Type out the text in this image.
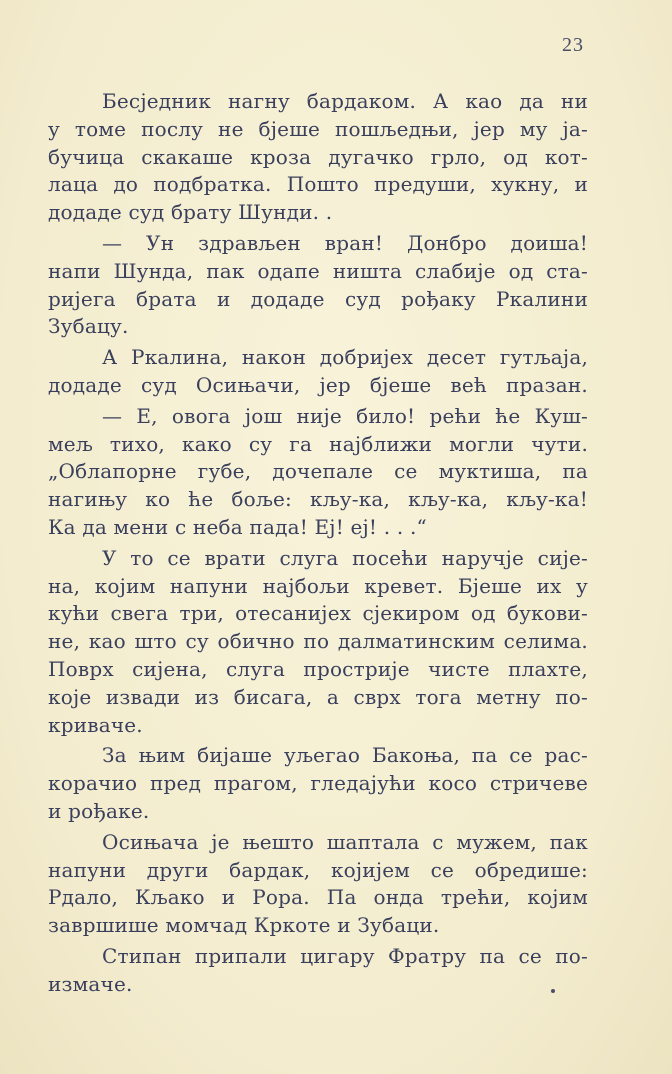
23
Бесједник нагну бардаком. А као да ни
у томе послу не бјеше пошљедњи, јер му ја-
бучица скакаше кроза дугачко грло, од кот-
лаца до подбратка. Пошто предуши, хукну, и
додаде суд брату Шунди. .
— Ун здрављен вран! Донбро доиша!
напи Шунда, пак одапе ништа слабије од ста-
ријега брата и додаде суд рођаку Ркалини
Зубацу.
А Ркалина, након добријех десет гутљаја,
додаде суд Осињачи, јер бјеше већ празан.
— Е, овога још није било! рећи ће Куш-
мељ тихо, како су га најближи могли чути.
„Облапорне губе, дочепале се муктиша, па
нагињу ко ће боље: кљу-ка, кљу-ка, кљу-ка!
Ка да мени с неба пада! Ej! ej! . . .“
У то се врати слуга посећи наручје сије-
на, којим напуни најбољи кревет. Бјеше их у
кући свега три, отесанијех сјекиром од букови-
не, као што су обично по далматинским селима.
Поврх сијена, слуга простриje чисте плахте,
које извади из бисага, а сврх тога метну по-
криваче.
За њим бијаше уљегао Бакоња, па се рас-
корачио пред прагом, гледајући косо стричеве
и рођаке.
Осињача је њешто шаптала с мужем, пак
напуни други бардак, којијем се обредише:
Рдало, Кљако и Рора. Па онда трећи, којим
завршише момчад Кркоте и Зубаци.
Стипан припали цигару Фратру па се по-
измаче.
